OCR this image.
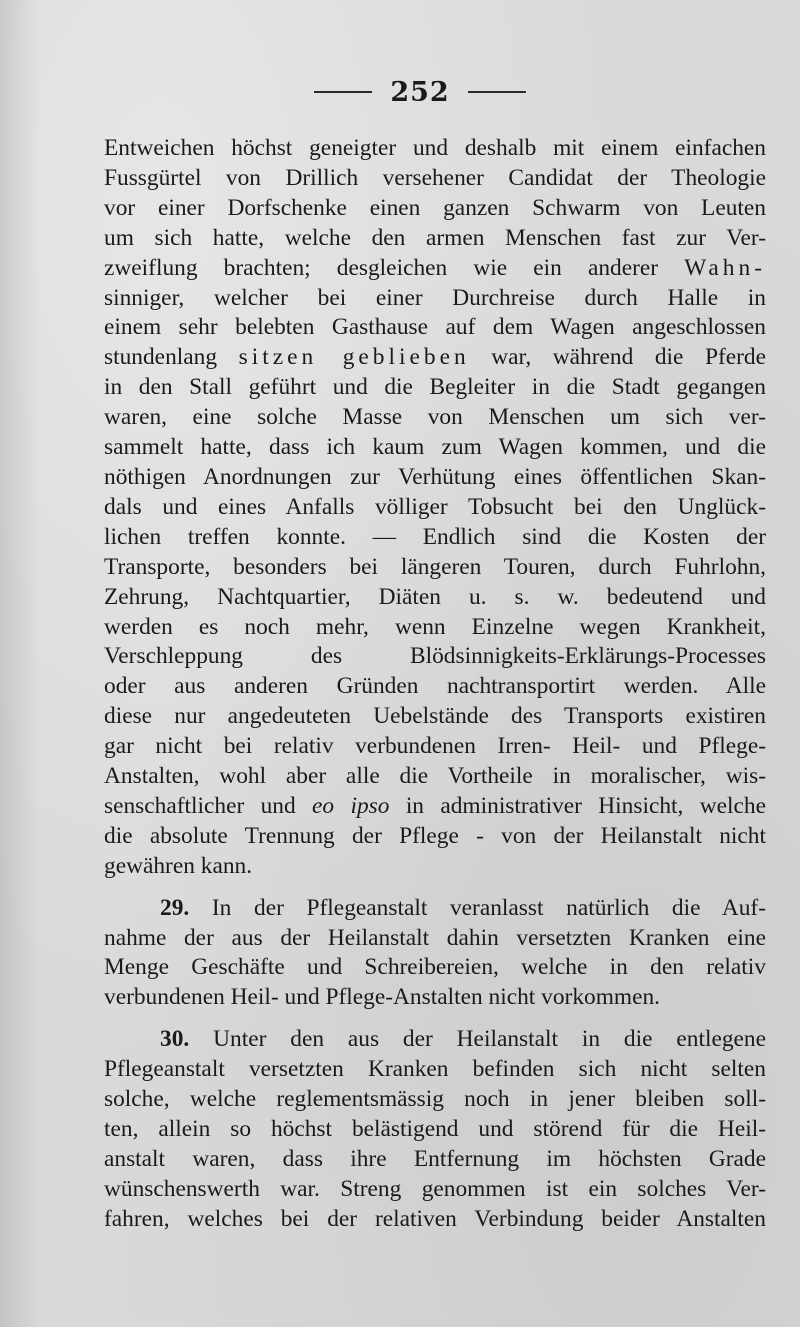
252
Entweichen höchst geneigter und deshalb mit einem einfachen
Fussgürtel von Drillich versehener Candidat der Theologie
vor einer Dorfschenke einen ganzen Schwarm von Leuten
um sich hatte, welche den armen Menschen fast zur Ver-
zweiflung brachten; desgleichen wie ein anderer Wahn-
sinniger, welcher bei einer Durchreise durch Halle in
einem sehr belebten Gasthause auf dem Wagen angeschlossen
stundenlang sitzen geblieben war, während die Pferde
in den Stall geführt und die Begleiter in die Stadt gegangen
waren, eine solche Masse von Menschen um sich ver-
sammelt hatte, dass ich kaum zum Wagen kommen, und die
nöthigen Anordnungen zur Verhütung eines öffentlichen Skan-
dals und eines Anfalls völliger Tobsucht bei den Unglück-
lichen treffen konnte. — Endlich sind die Kosten der
Transporte, besonders bei längeren Touren, durch Fuhrlohn,
Zehrung, Nachtquartier, Diäten u. s. w. bedeutend und
werden es noch mehr, wenn Einzelne wegen Krankheit,
Verschleppung des Blödsinnigkeits-Erklärungs-Processes
oder aus anderen Gründen nachtransportirt werden. Alle
diese nur angedeuteten Uebelstände des Transports existiren
gar nicht bei relativ verbundenen Irren- Heil- und Pflege-
Anstalten, wohl aber alle die Vortheile in moralischer, wis-
senschaftlicher und eo ipso in administrativer Hinsicht, welche
die absolute Trennung der Pflege - von der Heilanstalt nicht
gewähren kann.
29. In der Pflegeanstalt veranlasst natürlich die Auf-
nahme der aus der Heilanstalt dahin versetzten Kranken eine
Menge Geschäfte und Schreibereien, welche in den relativ
verbundenen Heil- und Pflege-Anstalten nicht vorkommen.
30. Unter den aus der Heilanstalt in die entlegene
Pflegeanstalt versetzten Kranken befinden sich nicht selten
solche, welche reglementsmässig noch in jener bleiben soll-
ten, allein so höchst belästigend und störend für die Heil-
anstalt waren, dass ihre Entfernung im höchsten Grade
wünschenswerth war. Streng genommen ist ein solches Ver-
fahren, welches bei der relativen Verbindung beider Anstalten
